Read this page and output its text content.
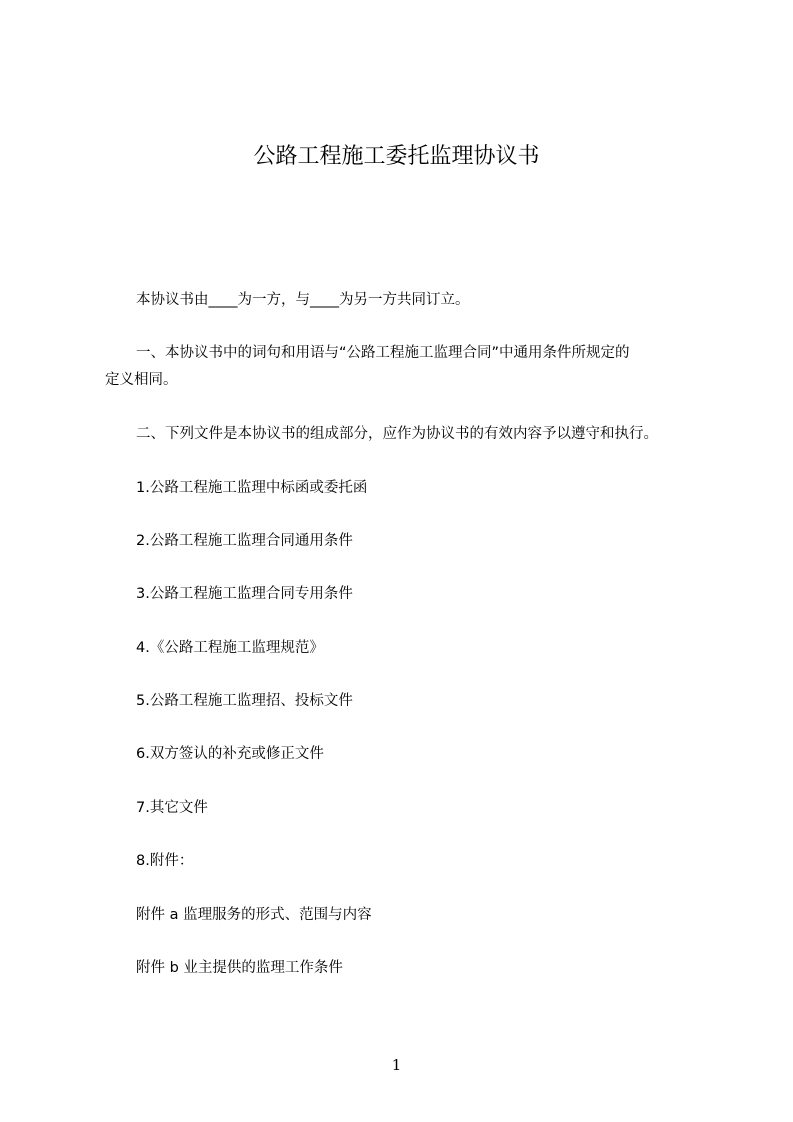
公路工程施工委托监理协议书
本协议书由____为一方，与____为另一方共同订立。
一、本协议书中的词句和用语与“公路工程施工监理合同”中通用条件所规定的
定义相同。
二、下列文件是本协议书的组成部分，应作为协议书的有效内容予以遵守和执行。
1.公路工程施工监理中标函或委托函
2.公路工程施工监理合同通用条件
3.公路工程施工监理合同专用条件
4.《公路工程施工监理规范》
5.公路工程施工监理招、投标文件
6.双方签认的补充或修正文件
7.其它文件
8.附件：
附件 a 监理服务的形式、范围与内容
附件 b 业主提供的监理工作条件
1
